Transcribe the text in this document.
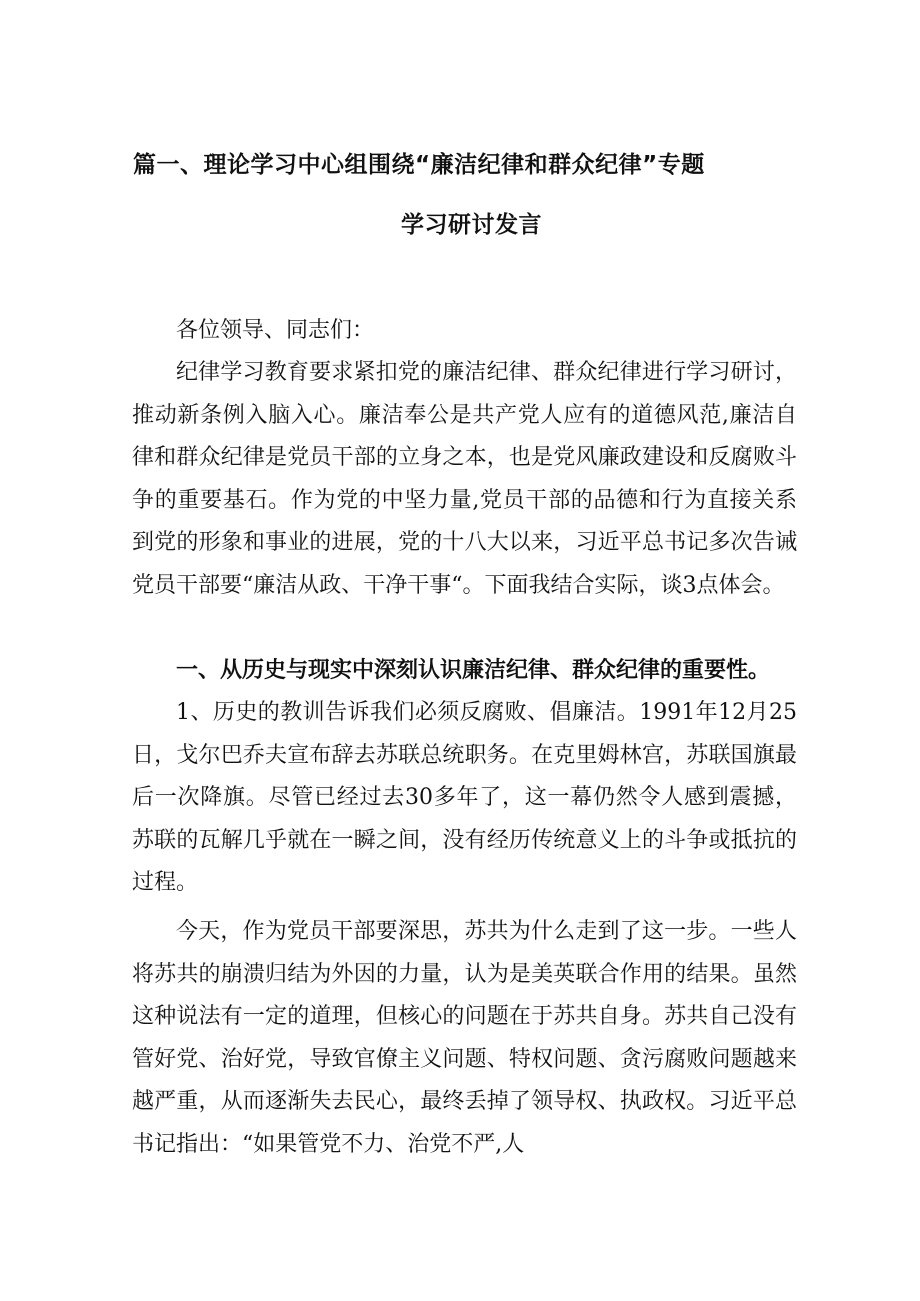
篇一、理论学习中心组围绕“廉洁纪律和群众纪律”专题
学习研讨发言

各位领导、同志们：

纪律学习教育要求紧扣党的廉洁纪律、群众纪律进行学习研讨，推动新条例入脑入心。廉洁奉公是共产党人应有的道德风范,廉洁自律和群众纪律是党员干部的立身之本，也是党风廉政建设和反腐败斗争的重要基石。作为党的中坚力量,党员干部的品德和行为直接关系到党的形象和事业的进展，党的十八大以来，习近平总书记多次告诫党员干部要“廉洁从政、干净干事“。下面我结合实际，谈3点体会。

一、从历史与现实中深刻认识廉洁纪律、群众纪律的重要性。

1、历史的教训告诉我们必须反腐败、倡廉洁。1991年12月25日，戈尔巴乔夫宣布辞去苏联总统职务。在克里姆林宫，苏联国旗最后一次降旗。尽管已经过去30多年了，这一幕仍然令人感到震撼，苏联的瓦解几乎就在一瞬之间，没有经历传统意义上的斗争或抵抗的过程。

今天，作为党员干部要深思，苏共为什么走到了这一步。一些人将苏共的崩溃归结为外因的力量，认为是美英联合作用的结果。虽然这种说法有一定的道理，但核心的问题在于苏共自身。苏共自己没有管好党、治好党，导致官僚主义问题、特权问题、贪污腐败问题越来越严重，从而逐渐失去民心，最终丢掉了领导权、执政权。习近平总书记指出：“如果管党不力、治党不严,人
